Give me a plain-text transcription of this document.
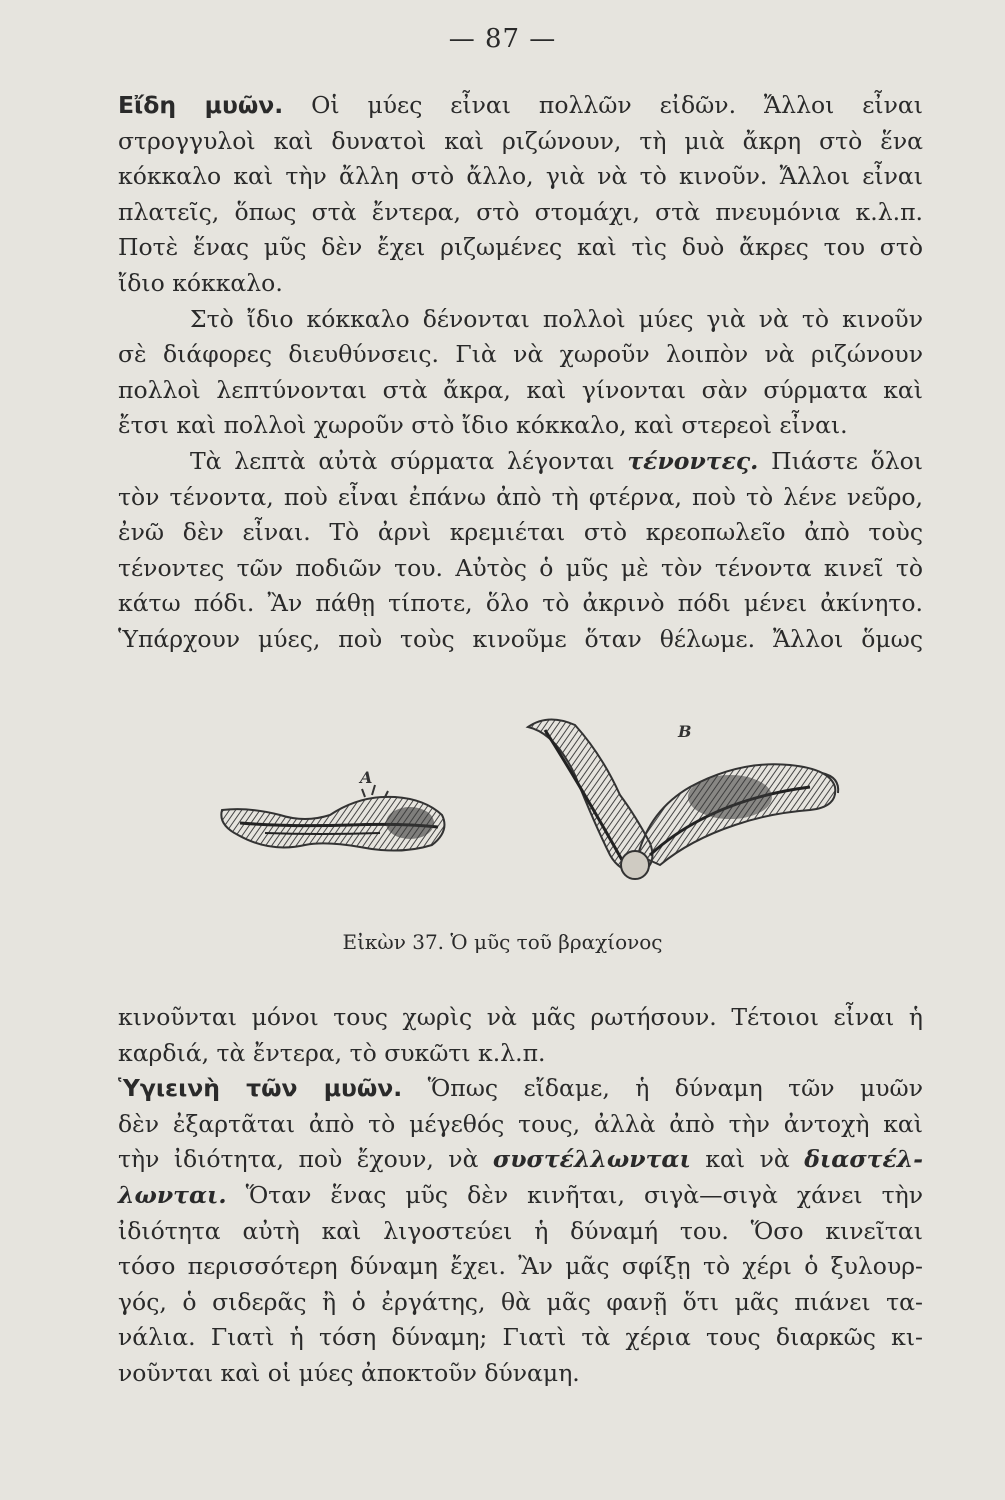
— 87 —
Εἴδη μυῶν. Οἱ μύες εἶναι πολλῶν εἰδῶν. Ἄλλοι εἶναι
στρογγυλοὶ καὶ δυνατοὶ καὶ ριζώνουν, τὴ μιὰ ἄκρη στὸ ἕνα
κόκκαλο καὶ τὴν ἄλλη στὸ ἄλλο, γιὰ νὰ τὸ κινοῦν. Ἄλλοι εἶναι
πλατεῖς, ὅπως στὰ ἔντερα, στὸ στομάχι, στὰ πνευμόνια κ.λ.π.
Ποτὲ ἕνας μῦς δὲν ἔχει ριζωμένες καὶ τὶς δυὸ ἄκρες του στὸ
ἴδιο κόκκαλο.
Στὸ ἴδιο κόκκαλο δένονται πολλοὶ μύες γιὰ νὰ τὸ κινοῦν
σὲ διάφορες διευθύνσεις. Γιὰ νὰ χωροῦν λοιπὸν νὰ ριζώνουν
πολλοὶ λεπτύνονται στὰ ἄκρα, καὶ γίνονται σὰν σύρματα καὶ
ἔτσι καὶ πολλοὶ χωροῦν στὸ ἴδιο κόκκαλο, καὶ στερεοὶ εἶναι.
Τὰ λεπτὰ αὐτὰ σύρματα λέγονται τένοντες. Πιάστε ὅλοι
τὸν τένοντα, ποὺ εἶναι ἐπάνω ἀπὸ τὴ φτέρνα, ποὺ τὸ λένε νεῦρο,
ἐνῶ δὲν εἶναι. Τὸ ἀρνὶ κρεμιέται στὸ κρεοπωλεῖο ἀπὸ τοὺς
τένοντες τῶν ποδιῶν του. Αὐτὸς ὁ μῦς μὲ τὸν τένοντα κινεῖ τὸ
κάτω πόδι. Ἂν πάθῃ τίποτε, ὅλο τὸ ἀκρινὸ πόδι μένει ἀκίνητο.
Ὑπάρχουν μύες, ποὺ τοὺς κινοῦμε ὅταν θέλωμε. Ἄλλοι ὅμως
A
B
Εἰκὼν 37. Ὁ μῦς τοῦ βραχίονος
κινοῦνται μόνοι τους χωρὶς νὰ μᾶς ρωτήσουν. Τέτοιοι εἶναι ἡ
καρδιά, τὰ ἔντερα, τὸ συκῶτι κ.λ.π.
Ὑγιεινὴ τῶν μυῶν. Ὅπως εἴδαμε, ἡ δύναμη τῶν μυῶν
δὲν ἐξαρτᾶται ἀπὸ τὸ μέγεθός τους, ἀλλὰ ἀπὸ τὴν ἀντοχὴ καὶ
τὴν ἰδιότητα, ποὺ ἔχουν, νὰ συστέλλωνται καὶ νὰ διαστέλ-
λωνται. Ὅταν ἕνας μῦς δὲν κινῆται, σιγὰ—σιγὰ χάνει τὴν
ἰδιότητα αὐτὴ καὶ λιγοστεύει ἡ δύναμή του. Ὅσο κινεῖται
τόσο περισσότερη δύναμη ἔχει. Ἂν μᾶς σφίξῃ τὸ χέρι ὁ ξυλουρ-
γός, ὁ σιδερᾶς ἢ ὁ ἐργάτης, θὰ μᾶς φανῇ ὅτι μᾶς πιάνει τα-
νάλια. Γιατὶ ἡ τόση δύναμη; Γιατὶ τὰ χέρια τους διαρκῶς κι-
νοῦνται καὶ οἱ μύες ἀποκτοῦν δύναμη.
